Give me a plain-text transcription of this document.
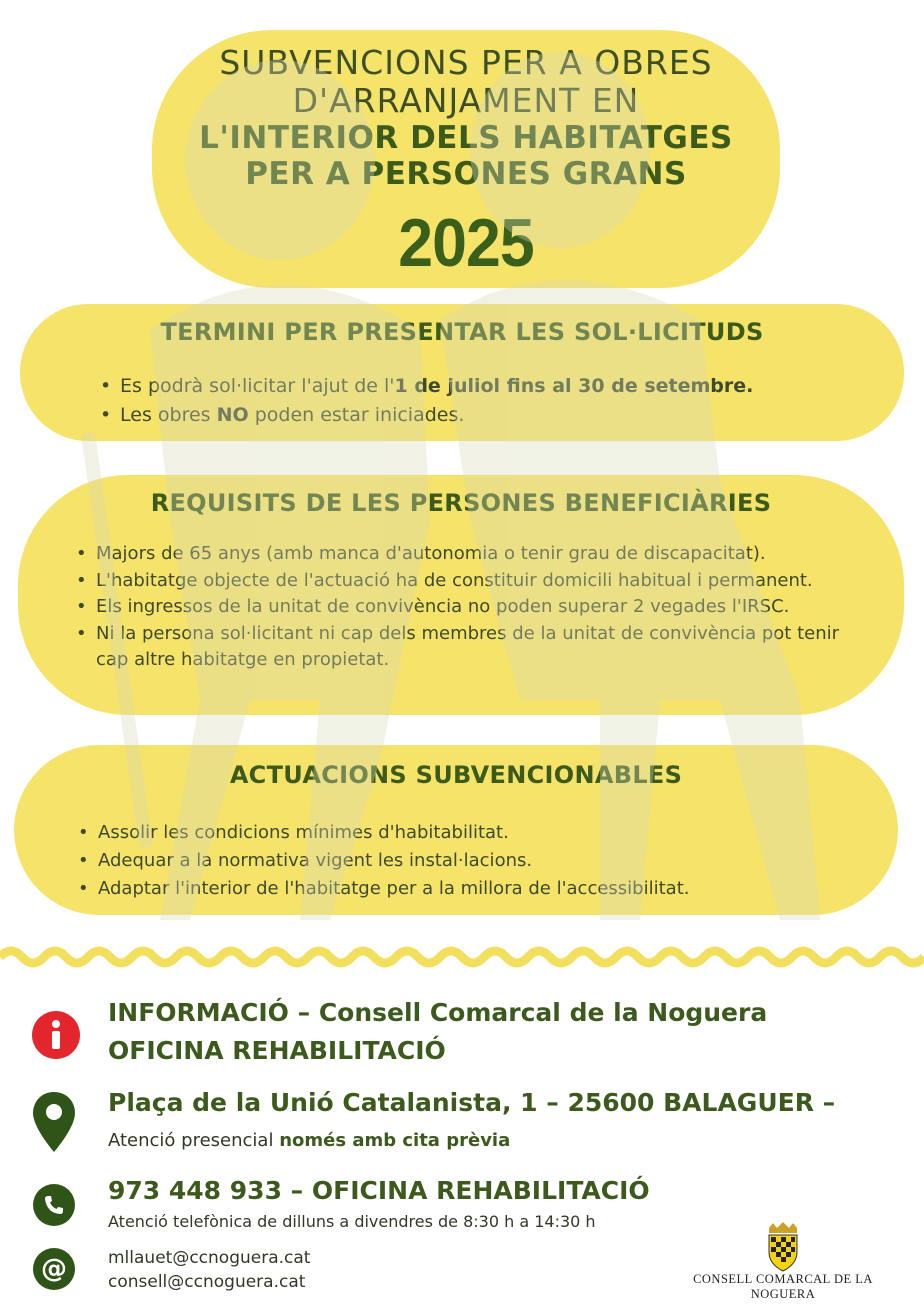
SUBVENCIONS PER A OBRES
D'ARRANJAMENT EN
L'INTERIOR DELS HABITATGES
PER A PERSONES GRANS
2025
TERMINI PER PRESENTAR LES SOL·LICITUDS
• Es podrà sol·licitar l'ajut de l'1 de juliol fins al 30 de setembre.
• Les obres NO poden estar iniciades.
REQUISITS DE LES PERSONES BENEFICIÀRIES
• Majors de 65 anys (amb manca d'autonomia o tenir grau de discapacitat).
• L'habitatge objecte de l'actuació ha de constituir domicili habitual i permanent.
• Els ingressos de la unitat de convivència no poden superar 2 vegades l'IRSC.
• Ni la persona sol·licitant ni cap dels membres de la unitat de convivència pot tenir cap altre habitatge en propietat.
ACTUACIONS SUBVENCIONABLES
• Assolir les condicions mínimes d'habitabilitat.
• Adequar a la normativa vigent les instal·lacions.
• Adaptar l'interior de l'habitatge per a la millora de l'accessibilitat.
INFORMACIÓ – Consell Comarcal de la Noguera
OFICINA REHABILITACIÓ
Plaça de la Unió Catalanista, 1 – 25600 BALAGUER –
Atenció presencial només amb cita prèvia
973 448 933 – OFICINA REHABILITACIÓ
Atenció telefònica de dilluns a divendres de 8:30 h a 14:30 h
@ mllauet@ccnoguera.cat
consell@ccnoguera.cat	CONSELL COMARCAL DE LA NOGUERA
